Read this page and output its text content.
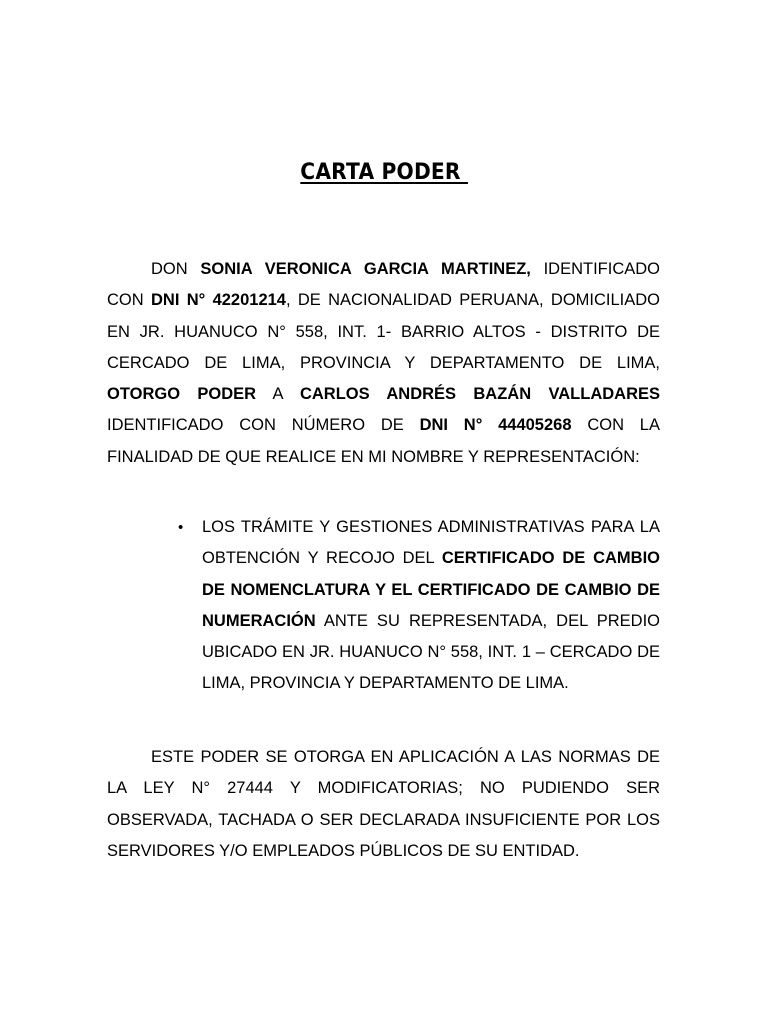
CARTA PODER
DON SONIA VERONICA GARCIA MARTINEZ, IDENTIFICADO CON DNI N° 42201214, DE NACIONALIDAD PERUANA, DOMICILIADO EN JR. HUANUCO N° 558, INT. 1- BARRIO ALTOS - DISTRITO DE CERCADO DE LIMA, PROVINCIA Y DEPARTAMENTO DE LIMA, OTORGO PODER A CARLOS ANDRÉS BAZÁN VALLADARES IDENTIFICADO CON NÚMERO DE DNI N° 44405268 CON LA FINALIDAD DE QUE REALICE EN MI NOMBRE Y REPRESENTACIÓN:
•	LOS TRÁMITE Y GESTIONES ADMINISTRATIVAS PARA LA OBTENCIÓN Y RECOJO DEL CERTIFICADO DE CAMBIO DE NOMENCLATURA Y EL CERTIFICADO DE CAMBIO DE NUMERACIÓN ANTE SU REPRESENTADA, DEL PREDIO UBICADO EN JR. HUANUCO N° 558, INT. 1 – CERCADO DE LIMA, PROVINCIA Y DEPARTAMENTO DE LIMA.
ESTE PODER SE OTORGA EN APLICACIÓN A LAS NORMAS DE LA LEY N° 27444 Y MODIFICATORIAS; NO PUDIENDO SER OBSERVADA, TACHADA O SER DECLARADA INSUFICIENTE POR LOS SERVIDORES Y/O EMPLEADOS PÚBLICOS DE SU ENTIDAD.
